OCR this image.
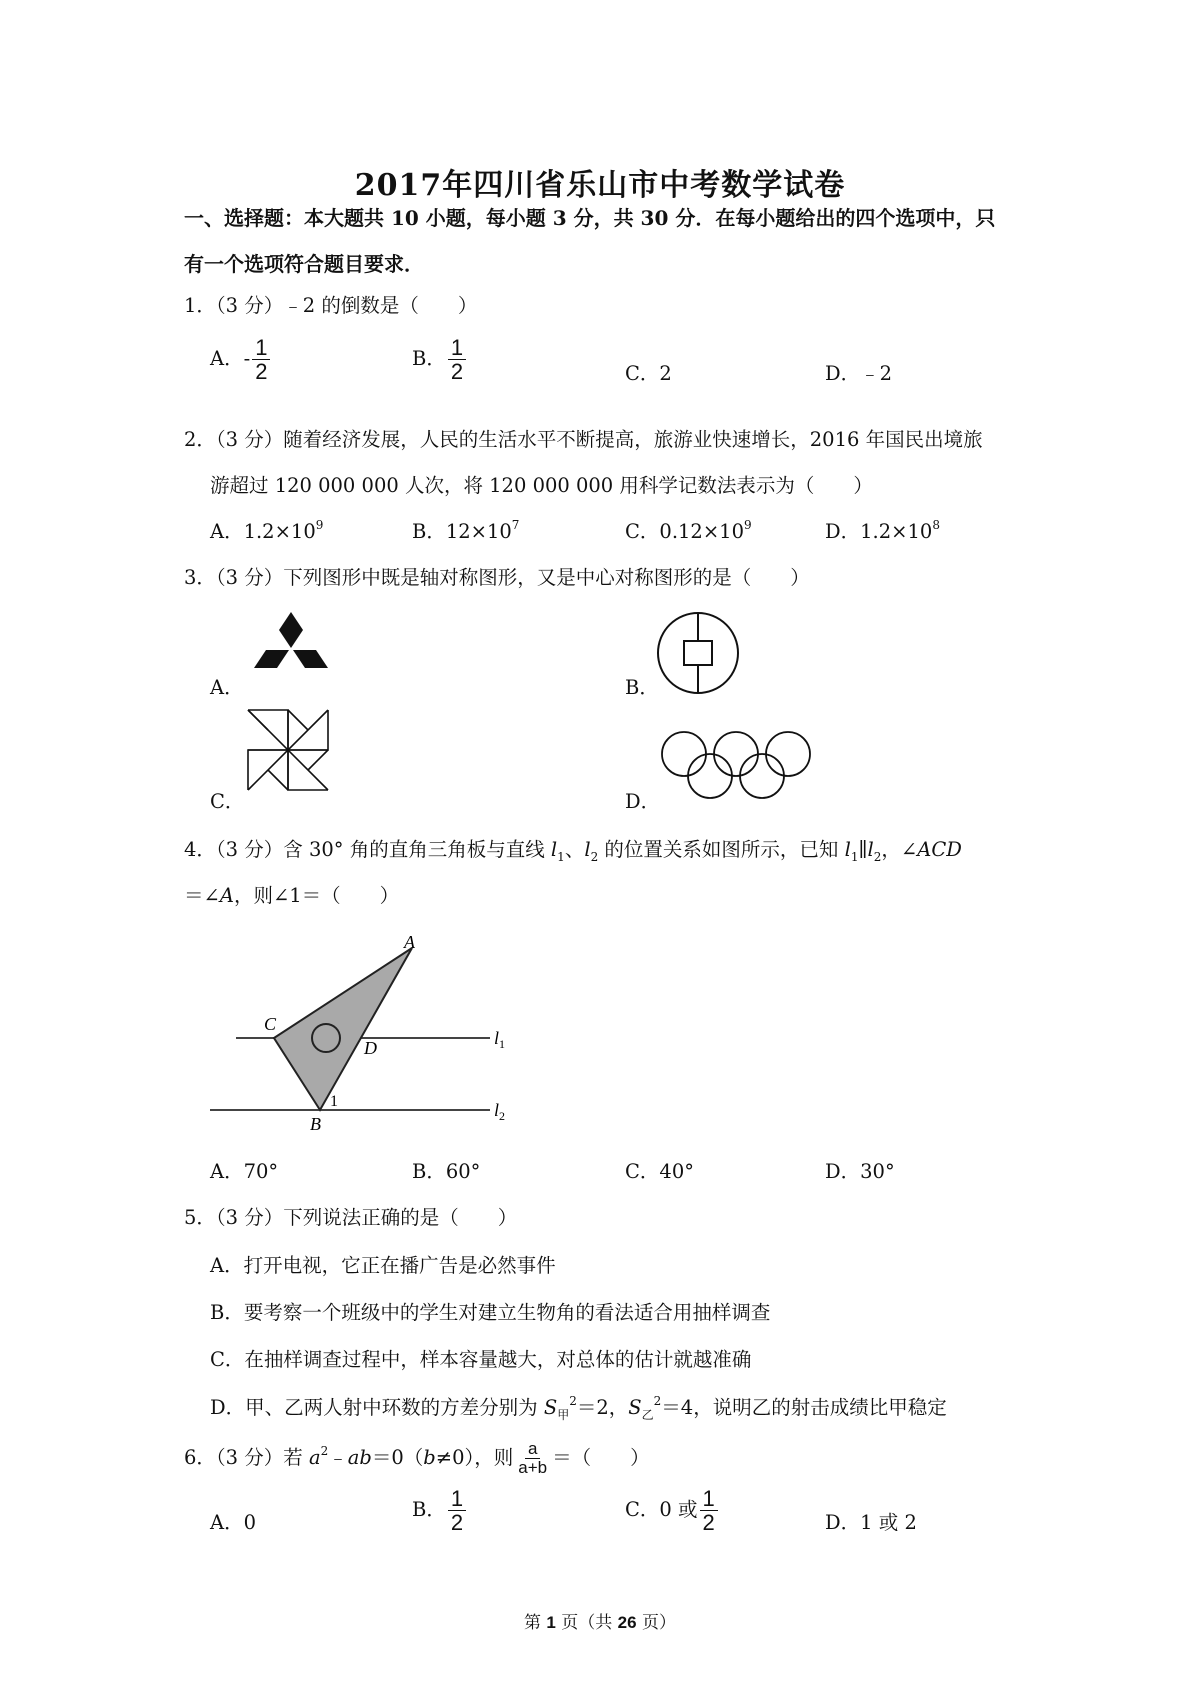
2017年四川省乐山市中考数学试卷
一、选择题：本大题共 10 小题，每小题 3 分，共 30 分．在每小题给出的四个选项中，只
有一个选项符合题目要求．
1．（3 分）﹣2 的倒数是（　　）
A．- $\frac{1}{2}$	B． $\frac{1}{2}$	C．2	D．﹣2
2．（3 分）随着经济发展，人民的生活水平不断提高，旅游业快速增长，2016 年国民出境旅
游超过 120 000 000 人次，将 120 000 000 用科学记数法表示为（　　）
A．$1.2\times 10^9$	B．$12\times 10^7$	C．$0.12\times 10^9$	D．$1.2\times 10^8$
3．（3 分）下列图形中既是轴对称图形，又是中心对称图形的是（　　）
A．	B．
C．	D．
4．（3 分）含 30° 角的直角三角板与直线 $l_1$、$l_2$ 的位置关系如图所示，已知 $l_1\parallel l_2$，∠ACD
＝∠A，则∠1＝（　　）
A
C
D
B
1
$l_1$
$l_2$
A．70°	B．60°	C．40°	D．30°
5．（3 分）下列说法正确的是（　　）
A．打开电视，它正在播广告是必然事件
B．要考察一个班级中的学生对建立生物角的看法适合用抽样调查
C．在抽样调查过程中，样本容量越大，对总体的估计就越准确
D．甲、乙两人射中环数的方差分别为 $S_甲^2=2$，$S_乙^2=4$，说明乙的射击成绩比甲稳定
6．（3 分）若 $a^2﹣ab=0(b\ne 0)$，则 $\frac{a}{a+b}$ ＝（　　）
A．0
B． $\frac{1}{2}$	C．0 或 $\frac{1}{2}$	D．1 或 2
第 1 页（共 26 页）
